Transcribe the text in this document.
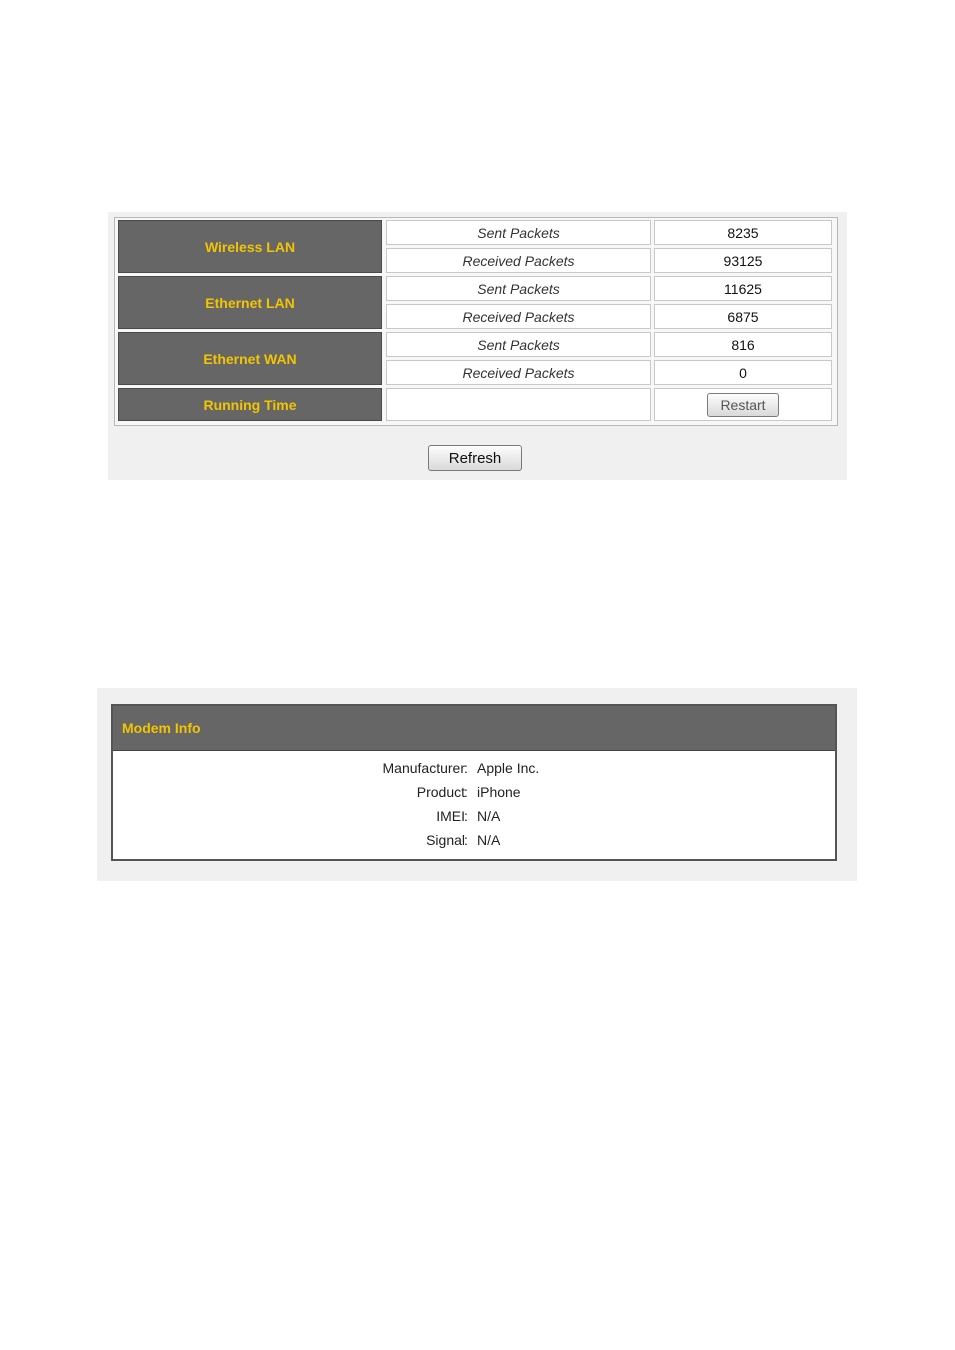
Wireless LAN
Sent Packets	8235
Received Packets	93125
Ethernet LAN
Sent Packets	11625
Received Packets	6875
Ethernet WAN
Sent Packets	816
Received Packets	0
Running Time	Restart
Refresh
Modem Info
Manufacturer : Apple Inc.
Product : iPhone
IMEI : N/A
Signal : N/A
